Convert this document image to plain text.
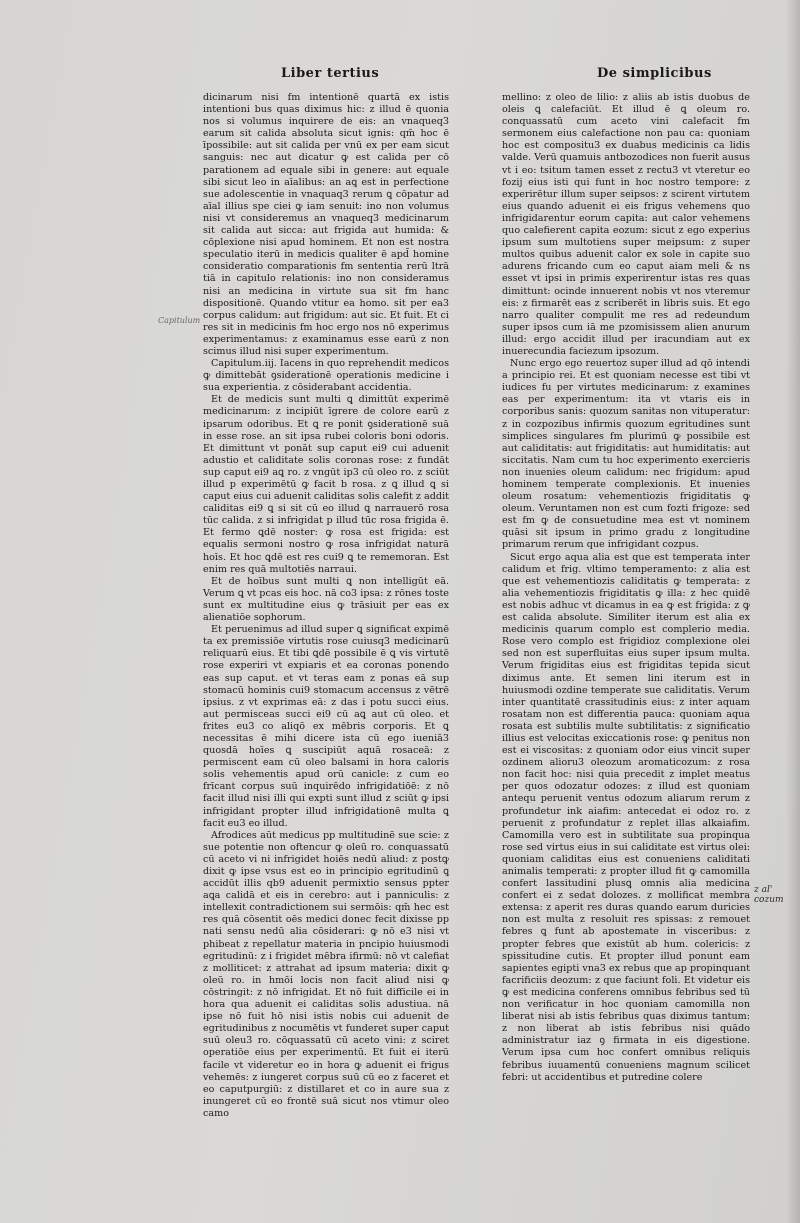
Liber tertius	De simplicibus

dicinarum nisi fm intentionē quartā ex istis intentioni bus quas diximus hic: z illud ē quonia nos si volumus inquirere de eis: an vnaqueq3 earum sit calida absoluta sicut ignis: qm̄ hoc ē īpossibile: aut sit calida per vnū ex per eam sicut sanguis: nec aut dicatur ꝙ est calida per cō parationem ad equale sibi in genere: aut equale sibi sicut leo in aīalibus: an aꝗ est in perfectione sue adolescentie in vnaquaq3 rerum ꝗ cōpatur ad aīal illius spe ciei ꝙ iam senuit: ino non volumus nisi vt consideremus an vnaqueq3 medicinarum sit calida aut sicca: aut frigida aut humida: & cōplexione nisi apud hominem. Et non est nostra speculatio iterū in medicis qualiter ē apd̄ homine consideratio comparationis fm sententia rerū ltrā tiā in capitulo relationis: ino non consideramus nisi an medicina in virtute sua sit fm hanc dispositionē. Quando vtitur ea homo. sit per ea3 corpus calidum: aut frigidum: aut sic. Et fuit. Et ci res sit in medicinis fm hoc ergo nos nō experimus experimentamus: z examinamus esse earū z non scimus illud nisi super experimentum.

Capitulum.iij. Iacens in quo reprehendit medicos ꝙ dimittebāt ꝯsiderationē operationis medicine i sua experientia. z cōsiderabant accidentia.

Et de medicis sunt multi ꝗ dimittūt experimē medicinarum: z incipiūt īgrere de colore earū z ipsarum odoribus. Et ꝗ re ponit ꝯsiderationē suā in esse rose. an sit ipsa rubei coloris boni odoris. Et dimittunt vt ponāt sup caput ei9 cui aduenit adustio et caliditate solis coronas rose: z fundāt sup caput ei9 aꝗ ro. z vngūt ip3 cū oleo ro. z sciūt illud p experimētū ꝙ facit b rosa. z ꝗ illud ꝗ si caput eius cui aduenit caliditas solis calefit z addit caliditas ei9 ꝗ si sit cū eo illud ꝗ narrauerō rosa tūc calida. z si infrigidat p illud tūc rosa frigida ē. Et fermo ꝗdē noster: ꝙ rosa est frigida: est equalis sermoni nostro ꝙ rosa infrigidat naturā hoīs. Et hoc ꝗdē est res cui9 ꝗ te rememoran. Est enim res quā multotiēs narraui.

Et de hoībus sunt multi ꝗ non intelligūt eā. Verum ꝗ vt pcas eis hoc. nā co3 ipsa: z rōnes toste sunt ex multitudine eius ꝙ trāsiuit per eas ex alienatiōe sophorum.

Et peruenimus ad illud super ꝗ significat expimē ta ex premissiōe virtutis rose cuiusq3 medicinarū reliquarū eius. Et tibi ꝗdē possibile ē ꝗ vis virtutē rose experiri vt expiaris et ea coronas ponendo eas sup caput. et vt teras eam z ponas eā sup stomacū hominis cui9 stomacum accensus z vētrē ipsius. z vt exprimas eā: z das i potu succi eius. aut permisceas succi ei9 cū aꝗ aut cū oleo. et frites eu3 co aliqō ex mēbris corporis. Et ꝗ necessitas ē mihi dicere ista cū ego iueniā3 quosdā hoīes ꝗ suscipiūt aquā rosaceā: z permiscent eam cū oleo balsami in hora caloris solis vehementis apud orū canicle: z cum eo frīcant corpus suū inquirēdo infrigidatiōē: z nō facit illud nisi illi qui expti sunt illud z sciūt ꝙ ipsi infrigidant propter illud infrigidationē multa ꝗ facit eu3 eo illud.

Afrodices aūt medicus pp multitudinē sue scie: z sue potentie non oftencur ꝙ oleū ro. conquassatū cū aceto vi ni infrigidet hoiēs nedū aliud: z postꝙ dixit ꝙ ipse vsus est eo in principio egritudinū ꝗ accidūt illis qb9 aduenit permixtio sensus ppter aꝗa calidā et eis in cerebro: aut i panniculis: z intellexit contradictionem sui sermōis: qm̄ hec est res quā cōsentit oēs medici donec fecit dixisse pp nati sensu nedū alia cōsiderari: ꝙ nō e3 nisi vt phibeat z repellatur materia in pncipio huiusmodi egritudinū: z i frigidet mēbra ifirmū: nō vt calefiat z molliticet: z attrahat ad ipsum materia: dixit ꝙ oleū ro. in hmōi locis non facit aliud nisi ꝙ cōstringit: z nō infrigidat. Et nō fuit difficile ei in hora qua aduenit ei caliditas solis adustiua. nā ipse nō fuit hō nisi istis nobis cui aduenit de egritudinibus z nocumētis vt funderet super caput suū oleu3 ro. cōquassatū cū aceto vini: z sciret operatiōe eius per experimentū. Et fuit ei iterū facile vt videretur eo in hora ꝙ aduenit ei frigus vehemēs: z iungeret corpus suū cū eo z faceret et eo caputpurgiū: z distillaret et co in aure sua z inungeret cū eo frontē suā sicut nos vtimur oleo camo

mellino: z oleo de lilio: z aliis ab istis duobus de oleis ꝗ calefaciūt. Et illud ē ꝗ oleum ro. conquassatū cum aceto vini calefacit fm sermonem eius calefactione non pau ca: quoniam hoc est compositu3 ex duabus medicinis ca lidis valde. Verū quamuis antbozodices non fuerit ausus vt i eo: tsitum tamen esset z rectu3 vt vteretur eo fozij eius isti qui funt in hoc nostro tempore: z experirētur illum super seipsos: z scirent virtutem eius quando aduenit ei eis frigus vehemens quo infrigidarentur eorum capita: aut calor vehemens quo calefierent capita eozum: sicut z ego experius ipsum sum multotiens super meipsum: z super multos quibus aduenit calor ex sole in capite suo adurens fricando cum eo caput aiam meli & ns esset vt ipsi in primis experirentur istas res quas dimittunt: ocinde innuerent nobis vt nos vteremur eis: z firmarēt eas z scriberēt in libris suis. Et ego narro qualiter compulit me res ad redeundum super ipsos cum iā me pzomisissem alien anurum illud: ergo accidit illud per iracundiam aut ex inuerecundia faciezum ipsozum.

Nunc ergo ego reuertoz super illud ad qō intendi a principio rei. Et est quoniam necesse est tibi vt iudices fu per virtutes medicinarum: z examines eas per experimentum: ita vt vtaris eis in corporibus sanis: quozum sanitas non vituperatur: z in cozpozibus infirmis quozum egritudines sunt simplices singulares fm plurimū ꝙ possibile est aut caliditatis: aut frigiditatis: aut humiditatis: aut siccitatis. Nam cum tu hoc experimento exercieris non inuenies oleum calidum: nec frigidum: apud hominem temperate complexionis. Et inuenies oleum rosatum: vehementiozis frigiditatis ꝙ oleum. Veruntamen non est cum fozti frigoze: sed est fm ꝙ de consuetudine mea est vt nominem quāsi sit ipsum in primo gradu z longitudine primarum rerum que infrigidant cozpus.

Sicut ergo aqua alia est que est temperata inter calidum et frig. vltimo temperamento: z alia est que est vehementiozis caliditatis ꝙ temperata: z alia vehementiozis frigiditatis ꝙ illa: z hec quidē est nobis adhuc vt dicamus in ea ꝙ est frigida: z ꝙ est calida absolute. Similiter iterum est alia ex medicinis quarum complo est complerio media. Rose vero complo est frigidioz complexione olei sed non est superfluitas eius super ipsum multa. Verum frigiditas eius est frigiditas tepida sicut diximus ante. Et semen lini iterum est in huiusmodi ozdine temperate sue caliditatis. Verum inter quantitatē crassitudinis eius: z inter aquam rosatam non est differentia pauca: quoniam aqua rosata est subtilis multe subtilitatis: z significatio illius est velocitas exiccationis rose: ꝙ penitus non est ei viscositas: z quoniam odor eius vincit super ozdinem alioru3 oleozum aromaticozum: z rosa non facit hoc: nisi quia precedit z implet meatus per quos odozatur odozes: z illud est quoniam antequ peruenit ventus odozum aliarum rerum z profundetur ink aiafim: antecedat ei odoz ro. z peruenit z profundatur z replet illas alkaiafim. Camomilla vero est in subtilitate sua propinqua rose sed virtus eius in sui caliditate est virtus olei: quoniam caliditas eius est conueniens caliditati animalis temperati: z propter illud fit ꝙ camomilla confert lassitudini plusꝗ omnis alia medicina confert ei z sedat dolozes. z mollificat membra extensa: z aperit res duras quando earum duricies non est multa z resoluit res spissas: z remouet febres ꝗ funt ab apostemate in visceribus: z propter febres que existūt ab hum. colericis: z spissitudine cutis. Et propter illud ponunt eam sapientes egipti vna3 ex rebus que ap propinquant facrificiis deozum: z que faciunt foli. Et videtur eis ꝙ est medicina conferens omnibus febribus sed tū non verificatur in hoc quoniam camomilla non liberat nisi ab istis febribus quas diximus tantum: z non liberat ab istis febribus nisi quādo administratur iaz ꝯ firmata in eis digestione. Verum ipsa cum hoc confert omnibus reliquis febribus iuuamentū conueniens magnum scilicet febri: ut accidentibus et putredine colere

z al' cozum
Capitulum
